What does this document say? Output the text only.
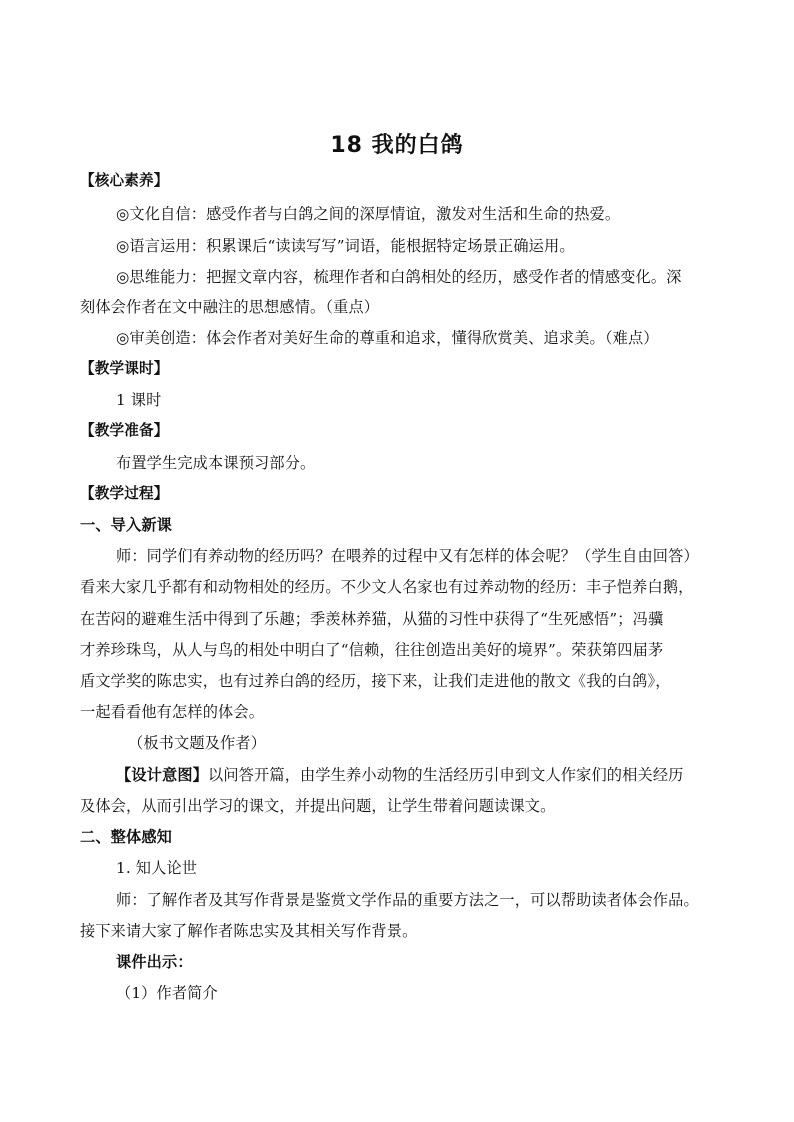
18 我的白鸽
【核心素养】
◎文化自信：感受作者与白鸽之间的深厚情谊，激发对生活和生命的热爱。
◎语言运用：积累课后“读读写写”词语，能根据特定场景正确运用。
◎思维能力：把握文章内容，梳理作者和白鸽相处的经历，感受作者的情感变化。深
刻体会作者在文中融注的思想感情。（重点）
◎审美创造：体会作者对美好生命的尊重和追求，懂得欣赏美、追求美。（难点）
【教学课时】
1 课时
【教学准备】
布置学生完成本课预习部分。
【教学过程】
一、导入新课
师：同学们有养动物的经历吗？在喂养的过程中又有怎样的体会呢？（学生自由回答）
看来大家几乎都有和动物相处的经历。不少文人名家也有过养动物的经历：丰子恺养白鹅，
在苦闷的避难生活中得到了乐趣；季羡林养猫，从猫的习性中获得了“生死感悟”；冯骥
才养珍珠鸟，从人与鸟的相处中明白了“信赖，往往创造出美好的境界”。荣获第四届茅
盾文学奖的陈忠实，也有过养白鸽的经历，接下来，让我们走进他的散文《我的白鸽》，
一起看看他有怎样的体会。
（板书文题及作者）
【设计意图】以问答开篇，由学生养小动物的生活经历引申到文人作家们的相关经历
及体会，从而引出学习的课文，并提出问题，让学生带着问题读课文。
二、整体感知
1. 知人论世
师：了解作者及其写作背景是鉴赏文学作品的重要方法之一，可以帮助读者体会作品。
接下来请大家了解作者陈忠实及其相关写作背景。
课件出示：
（1）作者简介
